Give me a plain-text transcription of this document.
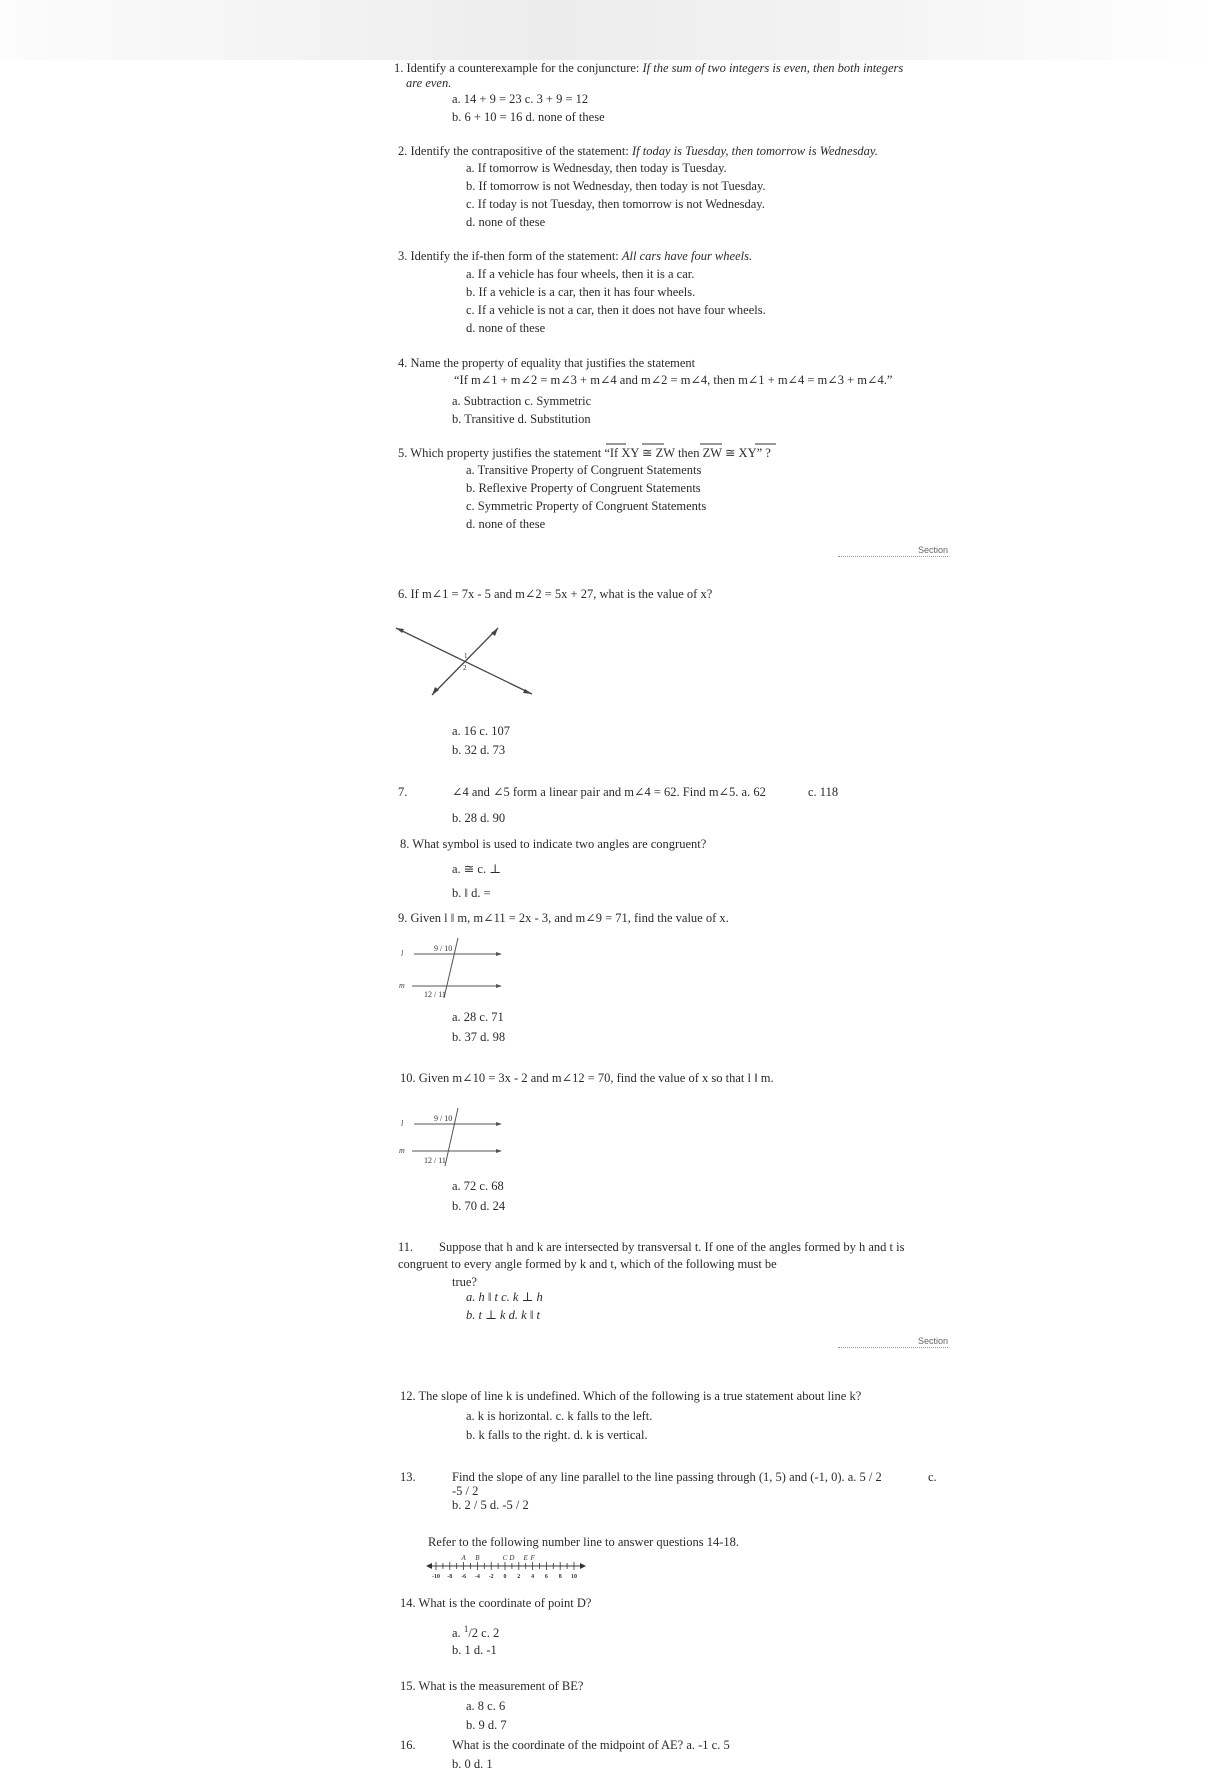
1. Identify a counterexample for the conjuncture: If the sum of two integers is even, then both integers
are even.
a. 14 + 9 = 23 c. 3 + 9 = 12
b. 6 + 10 = 16 d. none of these
2. Identify the contrapositive of the statement: If today is Tuesday, then tomorrow is Wednesday.
a. If tomorrow is Wednesday, then today is Tuesday.
b. If tomorrow is not Wednesday, then today is not Tuesday.
c. If today is not Tuesday, then tomorrow is not Wednesday.
d. none of these
3. Identify the if-then form of the statement: All cars have four wheels.
a. If a vehicle has four wheels, then it is a car.
b. If a vehicle is a car, then it has four wheels.
c. If a vehicle is not a car, then it does not have four wheels.
d. none of these
4. Name the property of equality that justifies the statement
“If m∠1 + m∠2 = m∠3 + m∠4 and m∠2 = m∠4, then m∠1 + m∠4 = m∠3 + m∠4.”
a. Subtraction c. Symmetric
b. Transitive d. Substitution
5. Which property justifies the statement “If XY ≅ ZW then ZW ≅ XY” ?
a. Transitive Property of Congruent Statements
b. Reflexive Property of Congruent Statements
c. Symmetric Property of Congruent Statements
d. none of these
Section
6. If m∠1 = 7x - 5 and m∠2 = 5x + 27, what is the value of x?
1
2
a. 16 c. 107
b. 32 d. 73
7.	∠4 and ∠5 form a linear pair and m∠4 = 62. Find m∠5. a. 62	c. 118
b. 28 d. 90
8. What symbol is used to indicate two angles are congruent?
a. ≅ c. ⊥
b. ‖ d. =
9. Given l ‖ m, m∠11 = 2x - 3, and m∠9 = 71, find the value of x.
l
m
9 / 10
12 / 11
a. 28 c. 71
b. 37 d. 98
10. Given m∠10 = 3x - 2 and m∠12 = 70, find the value of x so that l ‖ m.
l
m
9 / 10
12 / 11
a. 72 c. 68
b. 70 d. 24
11. Suppose that h and k are intersected by transversal t. If one of the angles formed by h and t is
congruent to every angle formed by k and t, which of the following must be
true?
a. h ‖ t c. k ⊥ h
b. t ⊥ k d. k ‖ t
Section
12. The slope of line k is undefined. Which of the following is a true statement about line k?
a. k is horizontal. c. k falls to the left.
b. k falls to the right. d. k is vertical.
13.	Find the slope of any line parallel to the line passing through (1, 5) and (-1, 0). a. 5 / 2	c.
-5 / 2
b. 2 / 5 d. -5 / 2
Refer to the following number line to answer questions 14-18.
-10 -8 -6 -4 -2 0 2 4 6 8 10
A B	C D E F
14. What is the coordinate of point D?
a. $^1$/2 c. 2
b. 1 d. -1
15. What is the measurement of BE?
a. 8 c. 6
b. 9 d. 7
16.	What is the coordinate of the midpoint of AE? a. -1 c. 5
b. 0 d. 1
